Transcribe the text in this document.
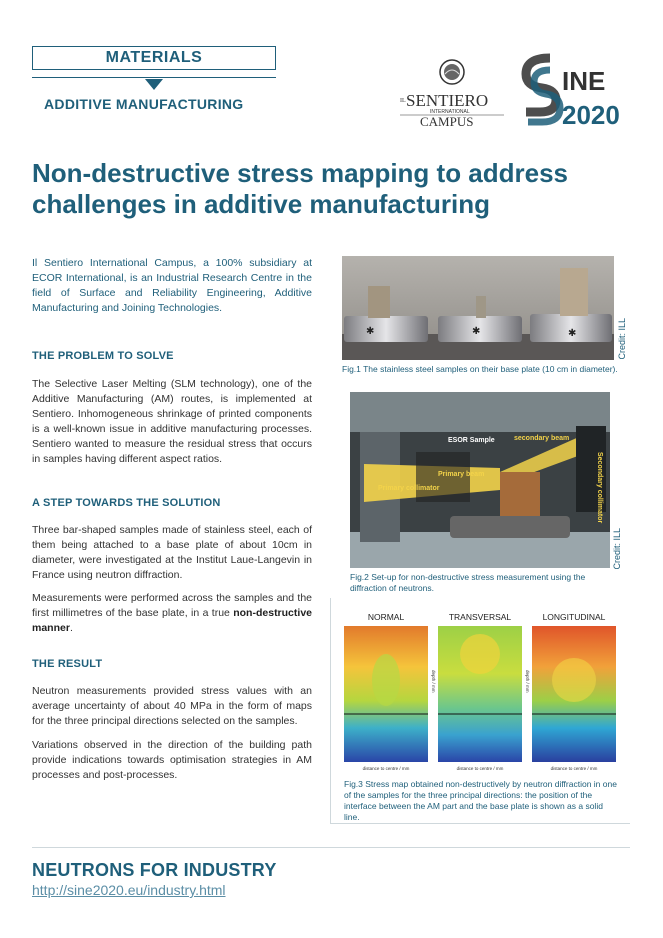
MATERIALS
ADDITIVE MANUFACTURING	IL SENTIERO
INTERNATIONAL
CAMPUS
INE
2020
Non-destructive stress mapping to address challenges in additive manufacturing
Il Sentiero International Campus, a 100% subsidiary at ECOR International, is an Industrial Research Centre in the field of Surface and Reliability Engineering, Additive Manufacturing and Joining Technologies.
THE PROBLEM TO SOLVE
The Selective Laser Melting (SLM technology), one of the Additive Manufacturing (AM) routes, is implemented at Sentiero. Inhomogeneous shrinkage of printed components is a well-known issue in additive manufacturing processes. Sentiero wanted to measure the residual stress that occurs in samples having different aspect ratios.
A STEP TOWARDS THE SOLUTION
Three bar-shaped samples made of stainless steel, each of them being attached to a base plate of about 10cm in diameter, were investigated at the Institut Laue-Langevin in France using neutron diffraction.
Measurements were performed across the samples and the first millimetres of the base plate, in a true non-destructive manner.
THE RESULT
Neutron measurements provided stress values with an average uncertainty of about 40 MPa in the form of maps for the three principal directions selected on the samples.
Variations observed in the direction of the building path provide indications towards optimisation strategies in AM processes and post-processes.
✱	✱	✱	Credit: ILL
Fig.1 The stainless steel samples on their base plate (10 cm in diameter).
ESOR Sample	secondary beam
Primary beam
Primary collimator	Secondary collimator
Credit: ILL
Fig.2 Set-up for non-destructive stress measurement using the diffraction of neutrons.
NORMAL	TRANSVERSAL	LONGITUDINAL
depth / mm	depth / mm
distance to centre / mm	distance to centre / mm	distance to centre / mm
Fig.3 Stress map obtained non-destructively by neutron diffraction in one of the samples for the three principal directions: the position of the interface between the AM part and the base plate is shown as a solid line.
NEUTRONS FOR INDUSTRY
http://sine2020.eu/industry.html
